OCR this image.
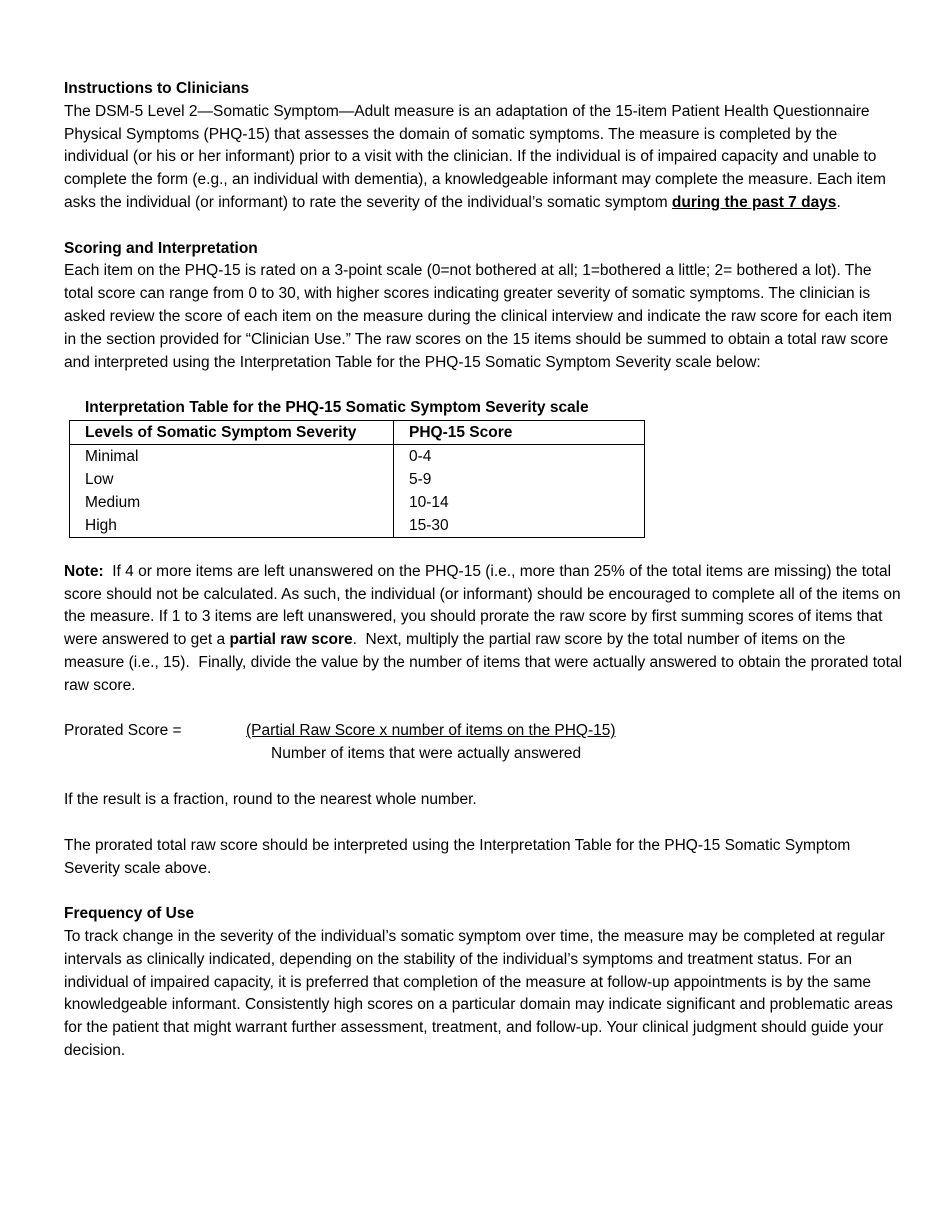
Instructions to Clinicians

The DSM-5 Level 2—Somatic Symptom—Adult measure is an adaptation of the 15-item Patient Health Questionnaire Physical Symptoms (PHQ-15) that assesses the domain of somatic symptoms. The measure is completed by the individual (or his or her informant) prior to a visit with the clinician. If the individual is of impaired capacity and unable to complete the form (e.g., an individual with dementia), a knowledgeable informant may complete the measure. Each item asks the individual (or informant) to rate the severity of the individual’s somatic symptom during the past 7 days.

Scoring and Interpretation

Each item on the PHQ-15 is rated on a 3-point scale (0=not bothered at all; 1=bothered a little; 2= bothered a lot). The total score can range from 0 to 30, with higher scores indicating greater severity of somatic symptoms. The clinician is asked review the score of each item on the measure during the clinical interview and indicate the raw score for each item in the section provided for “Clinician Use.” The raw scores on the 15 items should be summed to obtain a total raw score and interpreted using the Interpretation Table for the PHQ-15 Somatic Symptom Severity scale below:

Interpretation Table for the PHQ-15 Somatic Symptom Severity scale
Levels of Somatic Symptom Severity	PHQ-15 Score
Minimal	0-4
Low	5-9
Medium	10-14
High	15-30

Note:  If 4 or more items are left unanswered on the PHQ-15 (i.e., more than 25% of the total items are missing) the total score should not be calculated. As such, the individual (or informant) should be encouraged to complete all of the items on the measure. If 1 to 3 items are left unanswered, you should prorate the raw score by first summing scores of items that were answered to get a partial raw score.  Next, multiply the partial raw score by the total number of items on the measure (i.e., 15).  Finally, divide the value by the number of items that were actually answered to obtain the prorated total raw score.

Prorated Score =	(Partial Raw Score x number of items on the PHQ-15)
Number of items that were actually answered

If the result is a fraction, round to the nearest whole number.

The prorated total raw score should be interpreted using the Interpretation Table for the PHQ-15 Somatic Symptom Severity scale above.

Frequency of Use

To track change in the severity of the individual’s somatic symptom over time, the measure may be completed at regular intervals as clinically indicated, depending on the stability of the individual’s symptoms and treatment status. For an individual of impaired capacity, it is preferred that completion of the measure at follow-up appointments is by the same knowledgeable informant. Consistently high scores on a particular domain may indicate significant and problematic areas for the patient that might warrant further assessment, treatment, and follow-up. Your clinical judgment should guide your decision.
